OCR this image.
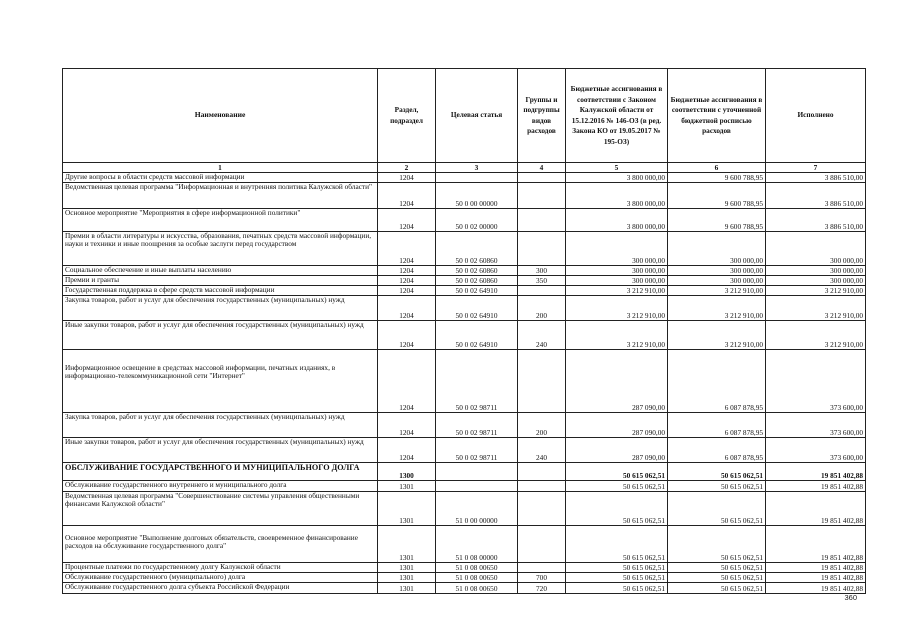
Наименование	Раздел, подраздел	Целевая статья	Группы и подгруппы видов расходов	Бюджетные ассигнования в соответствии с Законом Калужской области от 15.12.2016 № 146-ОЗ (в ред. Закона КО от 19.05.2017 № 195-ОЗ)	Бюджетные ассигнования в соответствии с уточненной бюджетной росписью расходов	Исполнено
1	2	3	4	5	6	7
Другие вопросы в области средств массовой информации	1204			3 800 000,00	9 600 788,95	3 886 510,00
Ведомственная целевая программа "Информационная и внутренняя политика Калужской области"	1204	50 0 00 00000		3 800 000,00	9 600 788,95	3 886 510,00
Основное мероприятие "Мероприятия в сфере информационной политики"	1204	50 0 02 00000		3 800 000,00	9 600 788,95	3 886 510,00
Премии в области литературы и искусства, образования, печатных средств массовой информации, науки и техники и иные поощрения за особые заслуги перед государством	1204	50 0 02 60860		300 000,00	300 000,00	300 000,00
Социальное обеспечение и иные выплаты населению	1204	50 0 02 60860	300	300 000,00	300 000,00	300 000,00
Премии и гранты	1204	50 0 02 60860	350	300 000,00	300 000,00	300 000,00
Государственная поддержка в сфере средств массовой информации	1204	50 0 02 64910		3 212 910,00	3 212 910,00	3 212 910,00
Закупка товаров, работ и услуг для обеспечения государственных (муниципальных) нужд	1204	50 0 02 64910	200	3 212 910,00	3 212 910,00	3 212 910,00
Иные закупки товаров, работ и услуг для обеспечения государственных (муниципальных) нужд	1204	50 0 02 64910	240	3 212 910,00	3 212 910,00	3 212 910,00
Информационное освещение в средствах массовой информации, печатных изданиях, в информационно-телекоммуникационной сети "Интернет"	1204	50 0 02 98711		287 090,00	6 087 878,95	373 600,00
Закупка товаров, работ и услуг для обеспечения государственных (муниципальных) нужд	1204	50 0 02 98711	200	287 090,00	6 087 878,95	373 600,00
Иные закупки товаров, работ и услуг для обеспечения государственных (муниципальных) нужд	1204	50 0 02 98711	240	287 090,00	6 087 878,95	373 600,00
ОБСЛУЖИВАНИЕ ГОСУДАРСТВЕННОГО И МУНИЦИПАЛЬНОГО ДОЛГА	1300			50 615 062,51	50 615 062,51	19 851 402,88
Обслуживание государственного внутреннего и муниципального долга	1301			50 615 062,51	50 615 062,51	19 851 402,88
Ведомственная целевая программа "Совершенствование системы управления общественными финансами Калужской области"	1301	51 0 00 00000		50 615 062,51	50 615 062,51	19 851 402,88
Основное мероприятие "Выполнение долговых обязательств, своевременное финансирование расходов на обслуживание государственного долга"	1301	51 0 08 00000		50 615 062,51	50 615 062,51	19 851 402,88
Процентные платежи по государственному долгу Калужской области	1301	51 0 08 00650		50 615 062,51	50 615 062,51	19 851 402,88
Обслуживание государственного (муниципального) долга	1301	51 0 08 00650	700	50 615 062,51	50 615 062,51	19 851 402,88
Обслуживание государственного долга субъекта Российской Федерации	1301	51 0 08 00650	720	50 615 062,51	50 615 062,51	19 851 402,88
360
